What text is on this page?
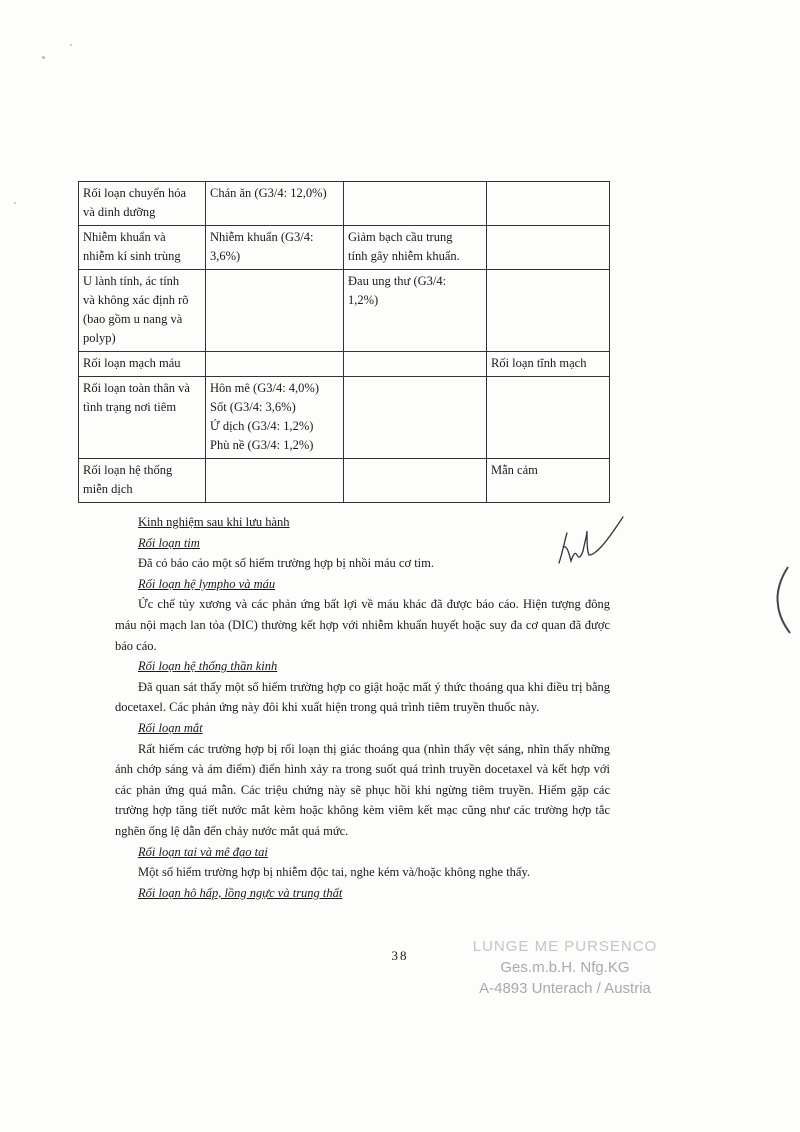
Rối loạn chuyển hóa
và dinh dưỡng	Chán ăn (G3/4: 12,0%)		

Nhiễm khuẩn và
nhiễm kí sinh trùng	Nhiễm khuẩn (G3/4:
3,6%)	Giảm bạch cầu trung
tính gây nhiễm khuẩn.	

U lành tính, ác tính
và không xác định rõ
(bao gồm u nang và
polyp)		Đau ung thư (G3/4:
1,2%)	

Rối loạn mạch máu			Rối loạn tĩnh mạch

Rối loạn toàn thân và
tình trạng nơi tiêm	Hôn mê (G3/4: 4,0%)
Sốt (G3/4: 3,6%)
Ứ dịch (G3/4: 1,2%)
Phù nề (G3/4: 1,2%)		

Rối loạn hệ thống
miễn dịch			Mẫn cảm
Kinh nghiệm sau khi lưu hành
Rối loạn tim

Đã có báo cáo một số hiếm trường hợp bị nhồi máu cơ tim.

Rối loạn hệ lympho và máu

Ức chế tủy xương và các phản ứng bất lợi về máu khác đã được báo cáo. Hiện tượng đông máu nội mạch lan tỏa (DIC) thường kết hợp với nhiễm khuẩn huyết hoặc suy đa cơ quan đã được báo cáo.

Rối loạn hệ thống thần kinh

Đã quan sát thấy một số hiếm trường hợp co giật hoặc mất ý thức thoáng qua khi điều trị bằng docetaxel. Các phản ứng này đôi khi xuất hiện trong quá trình tiêm truyền thuốc này.

Rối loạn mắt

Rất hiếm các trường hợp bị rối loạn thị giác thoáng qua (nhìn thấy vệt sáng, nhìn thấy những ánh chớp sáng và ám điểm) điển hình xảy ra trong suốt quá trình truyền docetaxel và kết hợp với các phản ứng quá mẫn. Các triệu chứng này sẽ phục hồi khi ngừng tiêm truyền. Hiếm gặp các trường hợp tăng tiết nước mắt kèm hoặc không kèm viêm kết mạc cũng như các trường hợp tắc nghẽn ống lệ dẫn đến chảy nước mắt quá mức.

Rối loạn tai và mê đạo tai

Một số hiếm trường hợp bị nhiễm độc tai, nghe kém và/hoặc không nghe thấy.

Rối loạn hô hấp, lồng ngực và trung thất
38
LUNGE ME PURSENCO
Ges.m.b.H. Nfg.KG
A-4893 Unterach / Austria
